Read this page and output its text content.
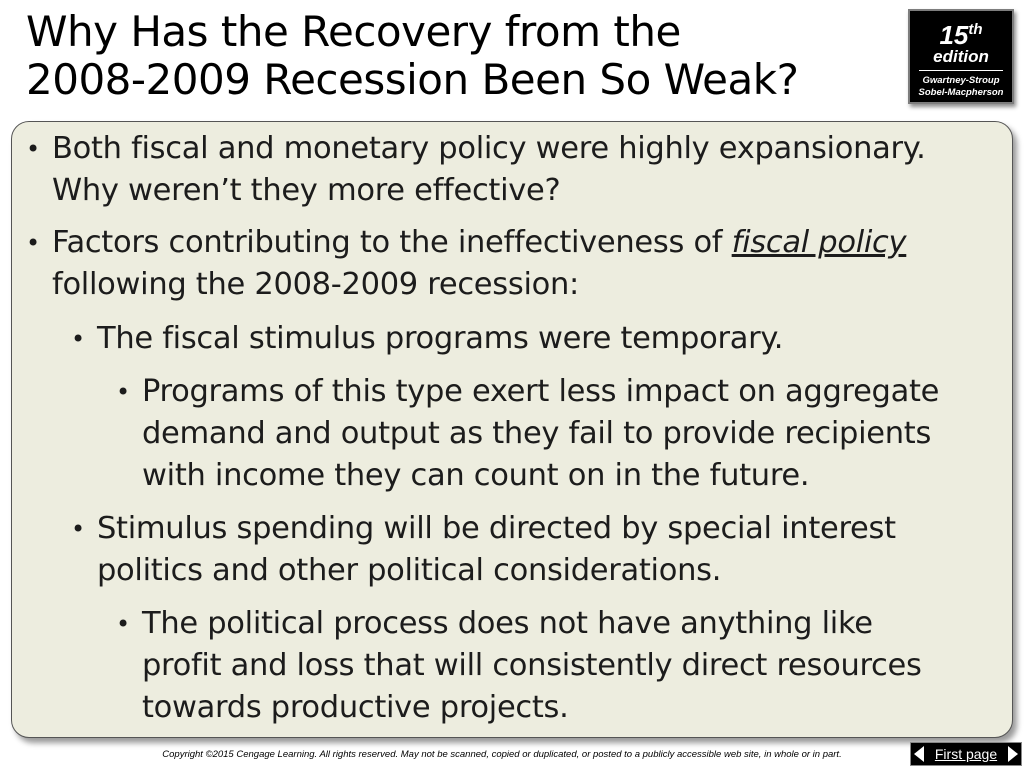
Why Has the Recovery from the
2008-2009 Recession Been So Weak?
15th
edition
Gwartney-Stroup
Sobel-Macpherson
• Both fiscal and monetary policy were highly expansionary.
Why weren’t they more effective?
• Factors contributing to the ineffectiveness of fiscal policy
following the 2008-2009 recession:
• The fiscal stimulus programs were temporary.
• Programs of this type exert less impact on aggregate
demand and output as they fail to provide recipients
with income they can count on in the future.
• Stimulus spending will be directed by special interest
politics and other political considerations.
• The political process does not have anything like
profit and loss that will consistently direct resources
towards productive projects.
Copyright ©2015 Cengage Learning. All rights reserved. May not be scanned, copied or duplicated, or posted to a publicly accessible web site, in whole or in part.	First page
